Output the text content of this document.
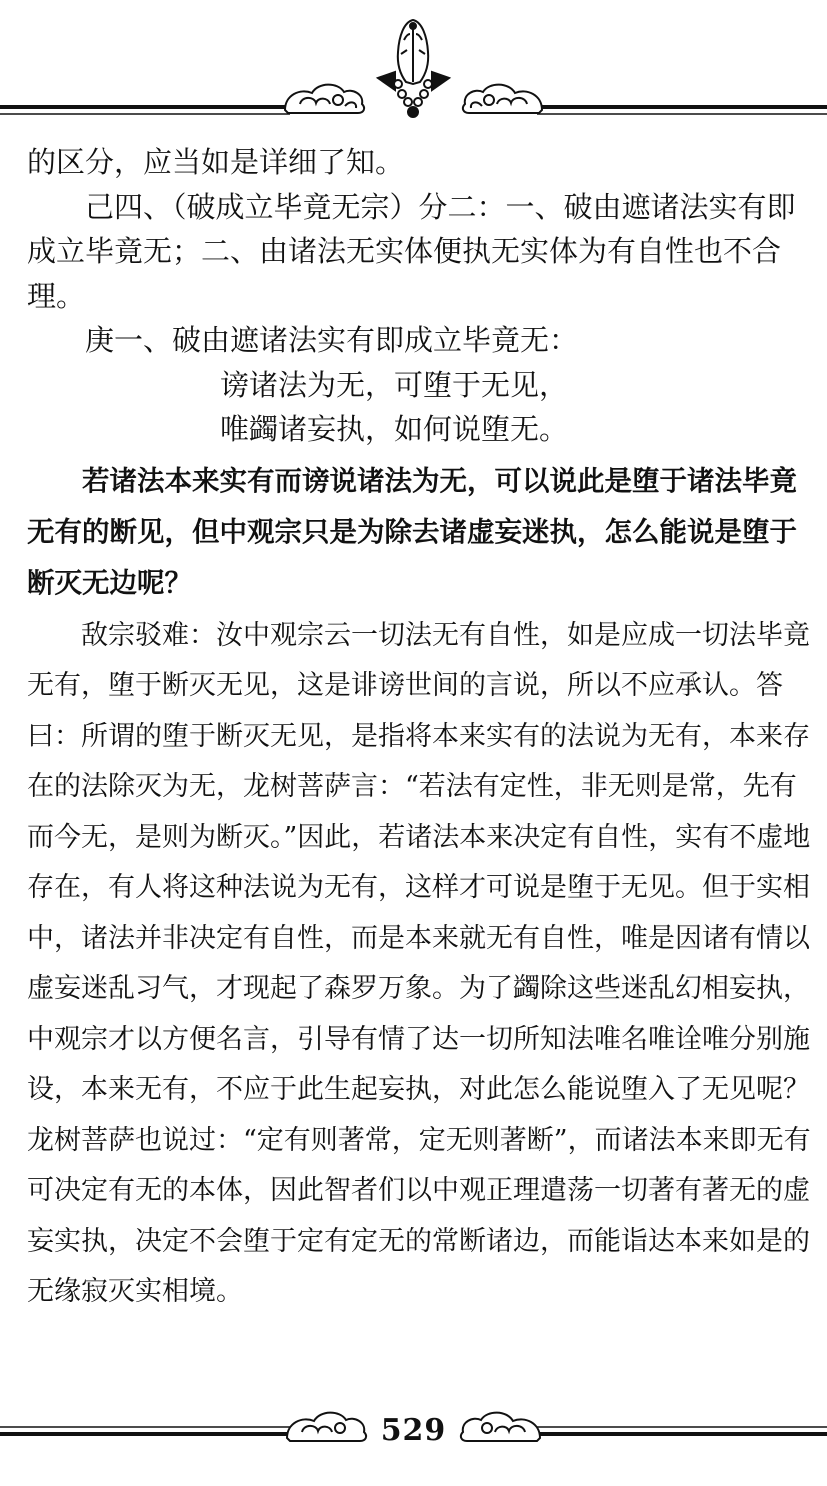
的区分，应当如是详细了知。

己四、（破成立毕竟无宗）分二：一、破由遮诸法实有即成立毕竟无；二、由诸法无实体便执无实体为有自性也不合理。

庚一、破由遮诸法实有即成立毕竟无：

谤诸法为无，可堕于无见，
唯蠲诸妄执，如何说堕无。

若诸法本来实有而谤说诸法为无，可以说此是堕于诸法毕竟无有的断见，但中观宗只是为除去诸虚妄迷执，怎么能说是堕于断灭无边呢？

敌宗驳难：汝中观宗云一切法无有自性，如是应成一切法毕竟无有，堕于断灭无见，这是诽谤世间的言说，所以不应承认。答曰：所谓的堕于断灭无见，是指将本来实有的法说为无有，本来存在的法除灭为无，龙树菩萨言：“若法有定性，非无则是常，先有而今无，是则为断灭。”因此，若诸法本来决定有自性，实有不虚地存在，有人将这种法说为无有，这样才可说是堕于无见。但于实相中，诸法并非决定有自性，而是本来就无有自性，唯是因诸有情以虚妄迷乱习气，才现起了森罗万象。为了蠲除这些迷乱幻相妄执，中观宗才以方便名言，引导有情了达一切所知法唯名唯诠唯分别施设，本来无有，不应于此生起妄执，对此怎么能说堕入了无见呢？龙树菩萨也说过：“定有则著常，定无则著断”，而诸法本来即无有可决定有无的本体，因此智者们以中观正理遣荡一切著有著无的虚妄实执，决定不会堕于定有定无的常断诸边，而能诣达本来如是的无缘寂灭实相境。

529
